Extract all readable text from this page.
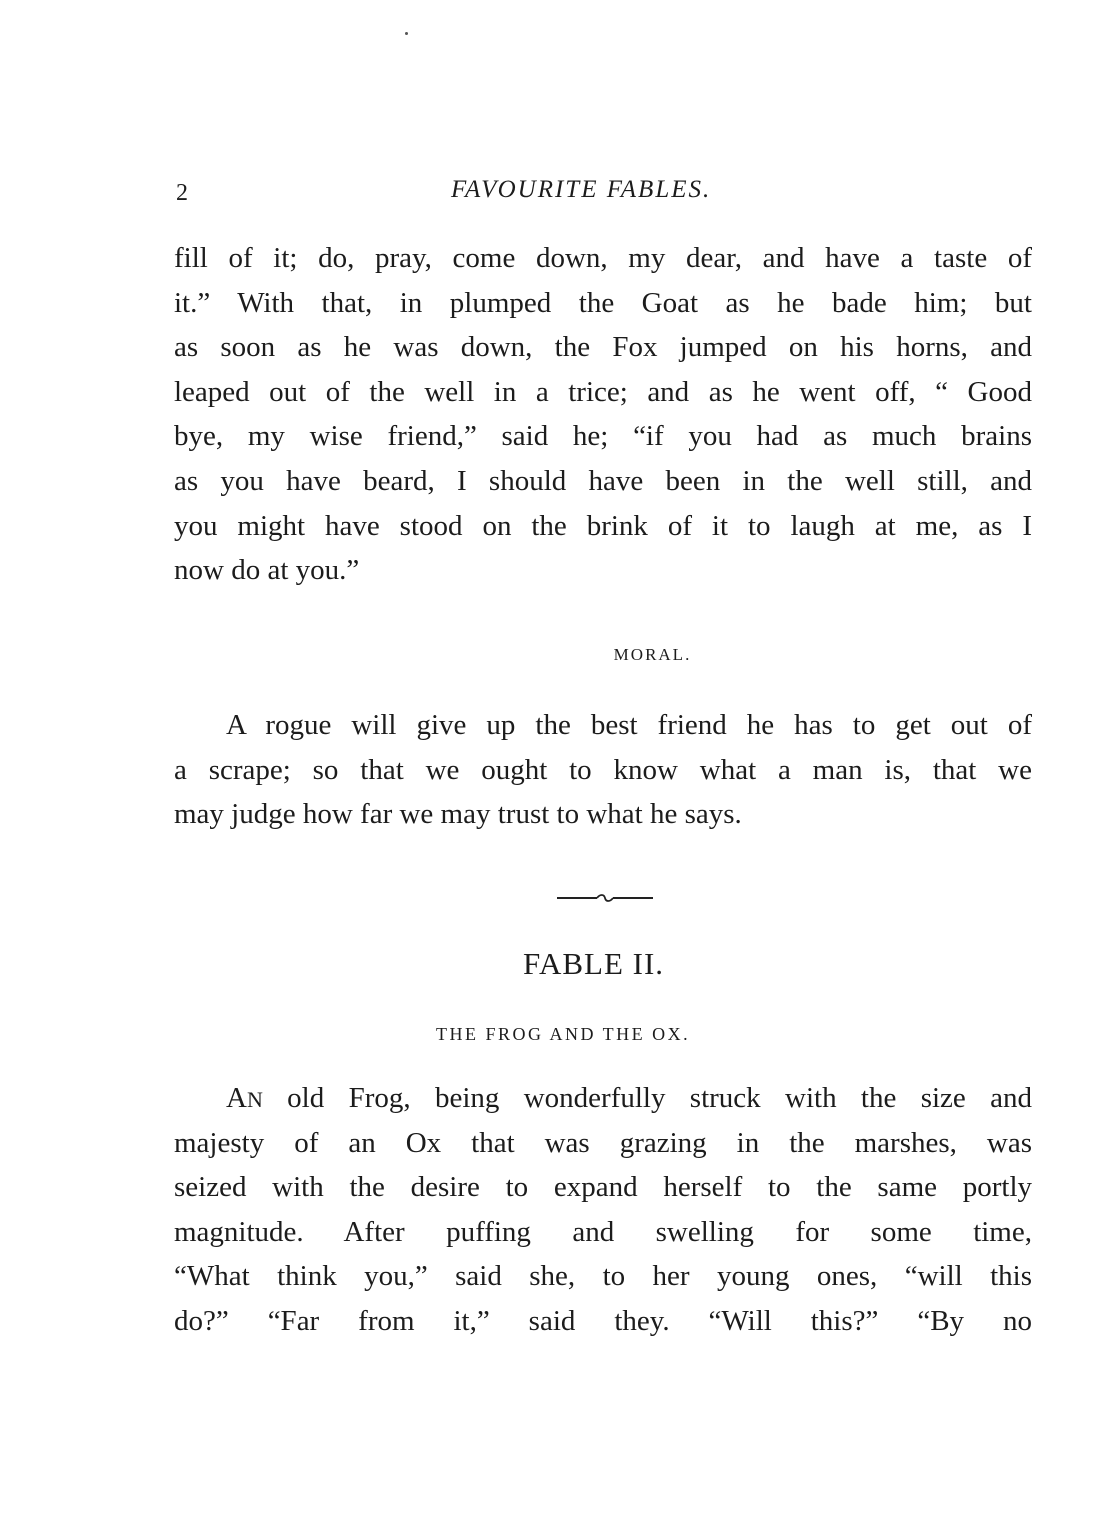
2	FAVOURITE FABLES.
fill of it; do, pray, come down, my dear, and have a taste of
it.” With that, in plumped the Goat as he bade him; but
as soon as he was down, the Fox jumped on his horns, and
leaped out of the well in a trice; and as he went off, “ Good
bye, my wise friend,” said he; “if you had as much brains
as you have beard, I should have been in the well still, and
you might have stood on the brink of it to laugh at me, as I
now do at you.”
MORAL.
A rogue will give up the best friend he has to get out of
a scrape; so that we ought to know what a man is, that we
may judge how far we may trust to what he says.
FABLE II.
THE FROG AND THE OX.
AN old Frog, being wonderfully struck with the size and
majesty of an Ox that was grazing in the marshes, was
seized with the desire to expand herself to the same portly
magnitude. After puffing and swelling for some time,
“What think you,” said she, to her young ones, “will this
do?” “Far from it,” said they. “Will this?” “By no
